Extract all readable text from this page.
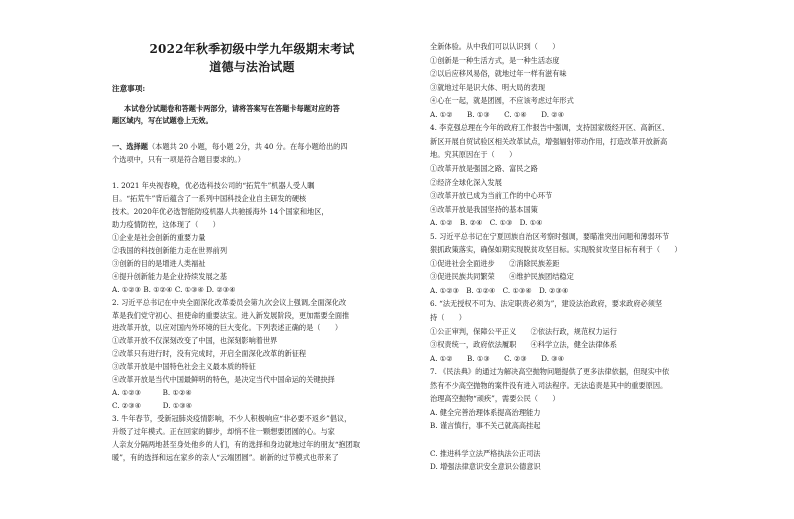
2022年秋季初级中学九年级期末考试
道德与法治试题
注意事项:
本试卷分试题卷和答题卡两部分，请将答案写在答题卡每题对应的答
题区域内，写在试题卷上无效。
一、选择题（本题共 20 小题，每小题 2分，共 40 分。在每小题给出的四
个选项中，只有一项是符合题目要求的。）
1. 2021 年央视春晚，优必选科技公司的“拓荒牛”机器人受人瞩
目。“拓荒牛”背后蕴含了一系列中国科技企业自主研发的硬核
技术。2020年优必选智能防疫机器人共驰援海外 14个国家和地区，
助力疫情防控，这体现了（　　）
①企业是社会创新的重要力量
②我国的科技创新能力走在世界前列
③创新的目的是增进人类福祉
④提升创新能力是企业持续发展之基
A. ①②③ B. ①②④ C. ①③④ D. ②③④
2. 习近平总书记在中央全面深化改革委员会第九次会议上强调,全面深化改
革是我们党守初心、担使命的重要法宝。进入新发展阶段，更加需要全面推
进改革开放，以应对国内外环境的巨大变化。下列表述正确的是（　　）
①改革开放不仅深刻改变了中国，也深刻影响着世界
②改革只有进行时，没有完成时，开启全面深化改革的新征程
③改革开放是中国特色社会主义最本质的特征
④改革开放是当代中国最鲜明的特色，是决定当代中国命运的关键抉择
A. ①②③　　　B. ①②④
C. ②③④　　　D. ①③④
3. 牛年春节，受新冠肺炎疫情影响，不少人积极响应“非必要不返乡”倡议，
升级了过年模式。正在回家的脚步，却悄不住一颗想要团圆的心。与家
人亲友分隔两地甚至身处他乡的人们，有的选择和身边就地过年的朋友“抱团取
暖”，有的选择和远在家乡的亲人“云端团圆”。崭新的过节模式也带来了
全新体验。从中我们可以认识到（　　）
①创新是一种生活方式，是一种生活态度
②以后应移风易俗，就地过年一样有滋有味
③就地过年是识大体、明大局的表现
④心在一起，就是团圆，不应该考虑过年形式
A. ①②　　B. ①③　　C. ①④　　D. ②④
4. 李克强总理在今年的政府工作报告中强调，支持国家级经开区、高新区、
新区开展自贸试验区相关改革试点，增强辐射带动作用，打造改革开放新高
地。究其原因在于（　　）
①改革开放是强国之路、富民之路
②经济全球化深入发展
③改革开放已成为当前工作的中心环节
④改革开放是我国坚持的基本国策
A. ①②　B. ②④　C. ①③　D. ①④
5. 习近平总书记在宁夏回族自治区考察时强调，要瞄准突出问题和薄弱环节
狠抓政策落实，确保如期实现脱贫攻坚目标。实现脱贫攻坚目标有利于（　　）
①促进社会全面进步　　②消除民族差距
③促进民族共同繁荣　　④维护民族团结稳定
A. ①②③　B. ①②④　C. ①③④　D. ②③④
6. “法无授权不可为、法定职责必须为”，建设法治政府，要求政府必须坚
持（　　）
①公正审判，保障公平正义　　②依法行政，规范权力运行
③权责统一，政府依法履职　　④科学立法，健全法律体系
A. ①②　　B. ①③　　C. ②③　　D. ③④
7. 《民法典》的通过为解决高空抛物问题提供了更多法律依据，但现实中依
然有不少高空抛物的案件没有进入司法程序。无法追责是其中的重要原因。
治理高空抛物“顽疾”，需要公民（　　）
A. 健全完善治理体系提高治理能力
B. 谨言慎行，事不关己就高高挂起
C. 推进科学立法严格执法公正司法
D. 增强法律意识安全意识公德意识
